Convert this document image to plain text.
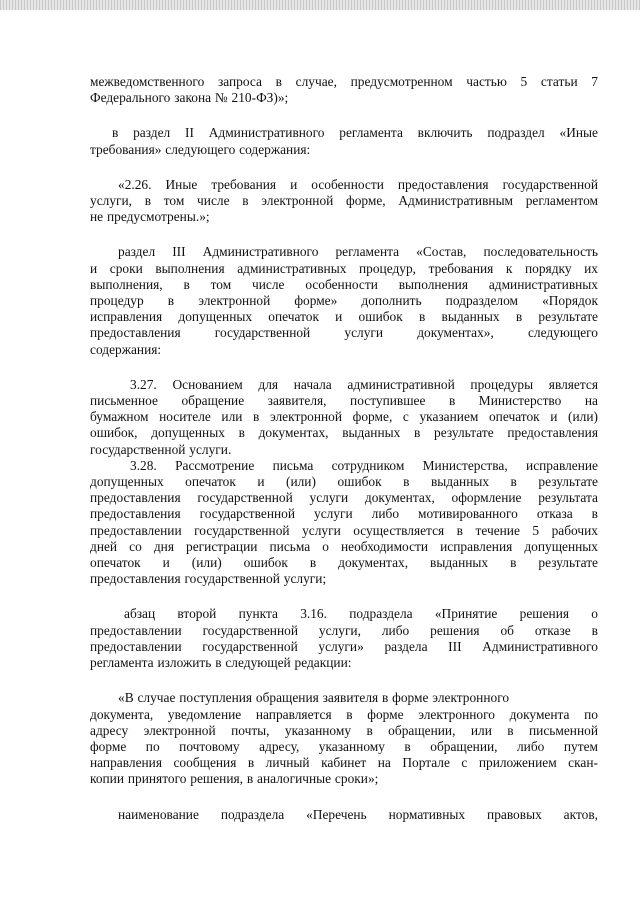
межведомственного запроса в случае, предусмотренном частью 5 статьи 7
Федерального закона № 210-ФЗ)»;
в раздел II Административного регламента включить подраздел «Иные
требования» следующего содержания:
«2.26. Иные требования и особенности предоставления государственной
услуги, в том числе в электронной форме, Административным регламентом
не предусмотрены.»;
раздел III Административного регламента «Состав, последовательность
и сроки выполнения административных процедур, требования к порядку их
выполнения, в том числе особенности выполнения административных
процедур в электронной форме» дополнить подразделом «Порядок
исправления допущенных опечаток и ошибок в выданных в результате
предоставления государственной услуги документах», следующего
содержания:
3.27. Основанием для начала административной процедуры является
письменное обращение заявителя, поступившее в Министерство на
бумажном носителе или в электронной форме, с указанием опечаток и (или)
ошибок, допущенных в документах, выданных в результате предоставления
государственной услуги.
3.28. Рассмотрение письма сотрудником Министерства, исправление
допущенных опечаток и (или) ошибок в выданных в результате
предоставления государственной услуги документах, оформление результата
предоставления государственной услуги либо мотивированного отказа в
предоставлении государственной услуги осуществляется в течение 5 рабочих
дней со дня регистрации письма о необходимости исправления допущенных
опечаток и (или) ошибок в документах, выданных в результате
предоставления государственной услуги;
абзац второй пункта 3.16. подраздела «Принятие решения о
предоставлении государственной услуги, либо решения об отказе в
предоставлении государственной услуги» раздела III Административного
регламента изложить в следующей редакции:
«В случае поступления обращения заявителя в форме электронного
документа, уведомление направляется в форме электронного документа по
адресу электронной почты, указанному в обращении, или в письменной
форме по почтовому адресу, указанному в обращении, либо путем
направления сообщения в личный кабинет на Портале с приложением скан-
копии принятого решения, в аналогичные сроки»;
наименование подраздела «Перечень нормативных правовых актов,
